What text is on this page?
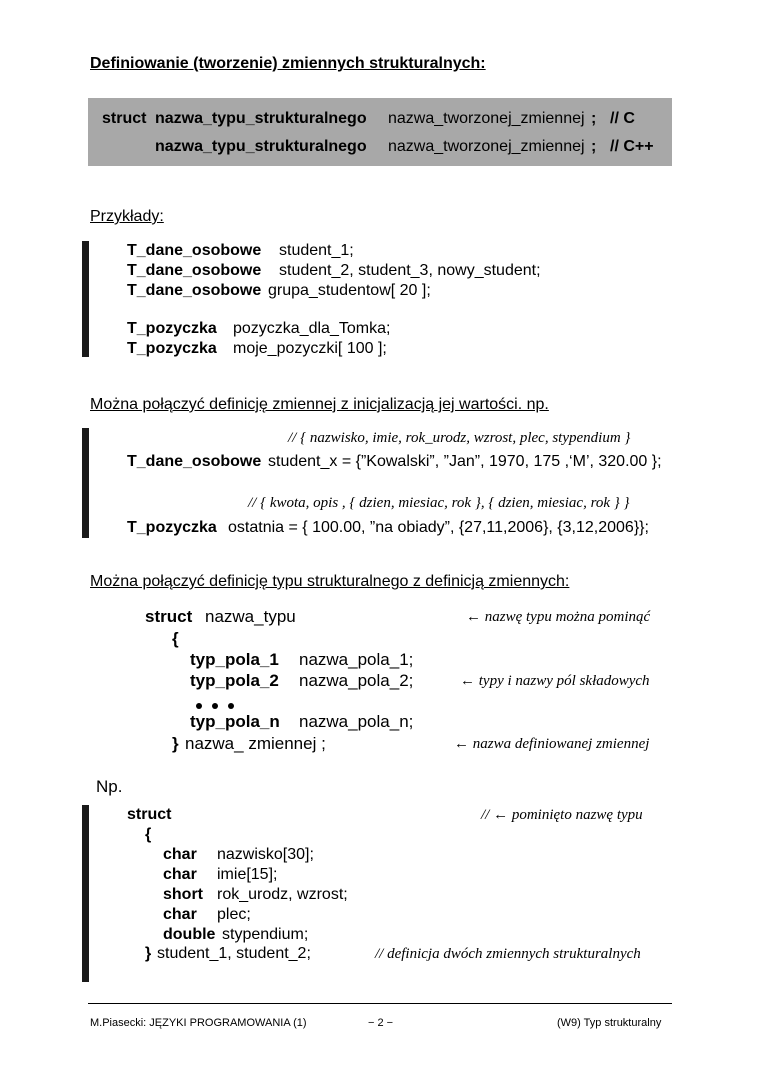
Definiowanie (tworzenie) zmiennych strukturalnych:
struct nazwa_typu_strukturalnego nazwa_tworzonej_zmiennej ; // C
nazwa_typu_strukturalnego nazwa_tworzonej_zmiennej ; // C++
Przykłady:
T_dane_osobowe student_1;
T_dane_osobowe student_2, student_3, nowy_student;
T_dane_osobowe grupa_studentow[ 20 ];
T_pozyczka pozyczka_dla_Tomka;
T_pozyczka moje_pozyczki[ 100 ];
Można połączyć definicję zmiennej z inicjalizacją jej wartości. np.
// { nazwisko, imie, rok_urodz, wzrost, plec, stypendium }
T_dane_osobowe student_x = {”Kowalski”, ”Jan”, 1970, 175 ,‘M’, 320.00 };
// { kwota, opis , { dzien, miesiac, rok }, { dzien, miesiac, rok } }
T_pozyczka ostatnia = { 100.00, ”na obiady”, {27,11,2006}, {3,12,2006}};
Można połączyć definicję typu strukturalnego z definicją zmiennych:
struct nazwa_typu	← nazwę typu można pominąć
{
typ_pola_1 nazwa_pola_1;
typ_pola_2 nazwa_pola_2;	← typy i nazwy pól składowych
typ_pola_n nazwa_pola_n;
} nazwa_ zmiennej ;	← nazwa definiowanej zmiennej
Np.
struct	// ← pominięto nazwę typu
{
char nazwisko[30];
char imie[15];
short rok_urodz, wzrost;
char plec;
double stypendium;
} student_1, student_2;	// definicja dwóch zmiennych strukturalnych
M.Piasecki: JĘZYKI PROGRAMOWANIA (1)	− 2 −	(W9) Typ strukturalny
